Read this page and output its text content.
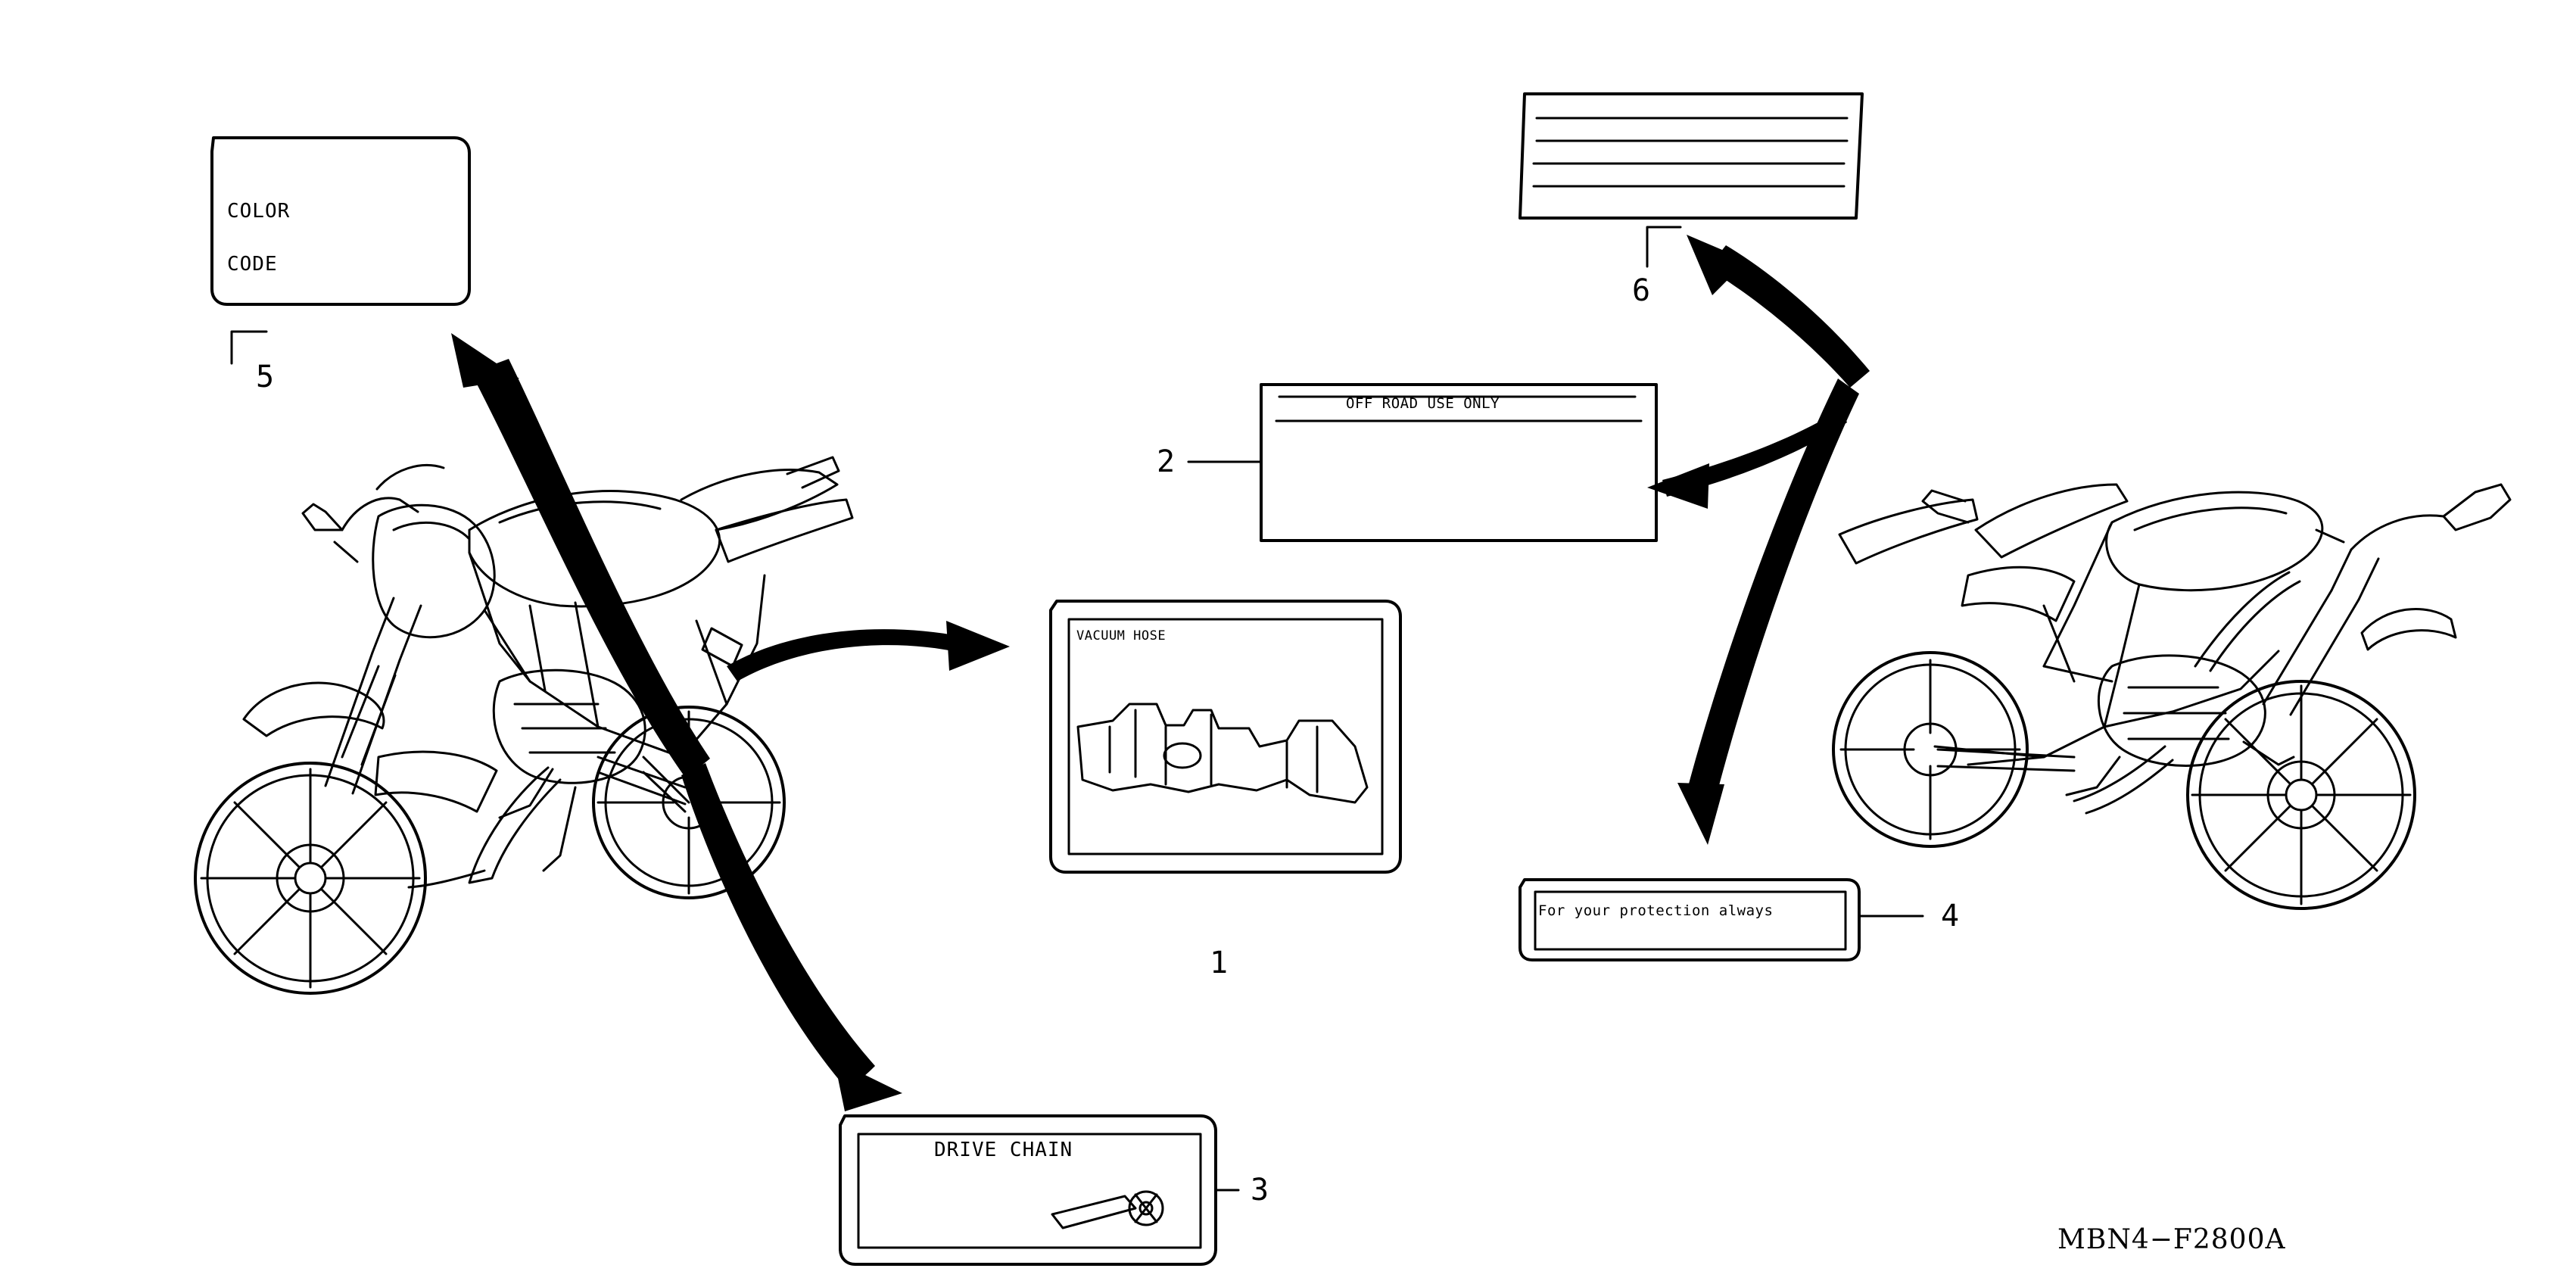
COLOR
CODE
OFF ROAD USE ONLY
VACUUM HOSE
DRIVE CHAIN
For your protection always
5
6
2
1
3
4
MBN4−F2800A
